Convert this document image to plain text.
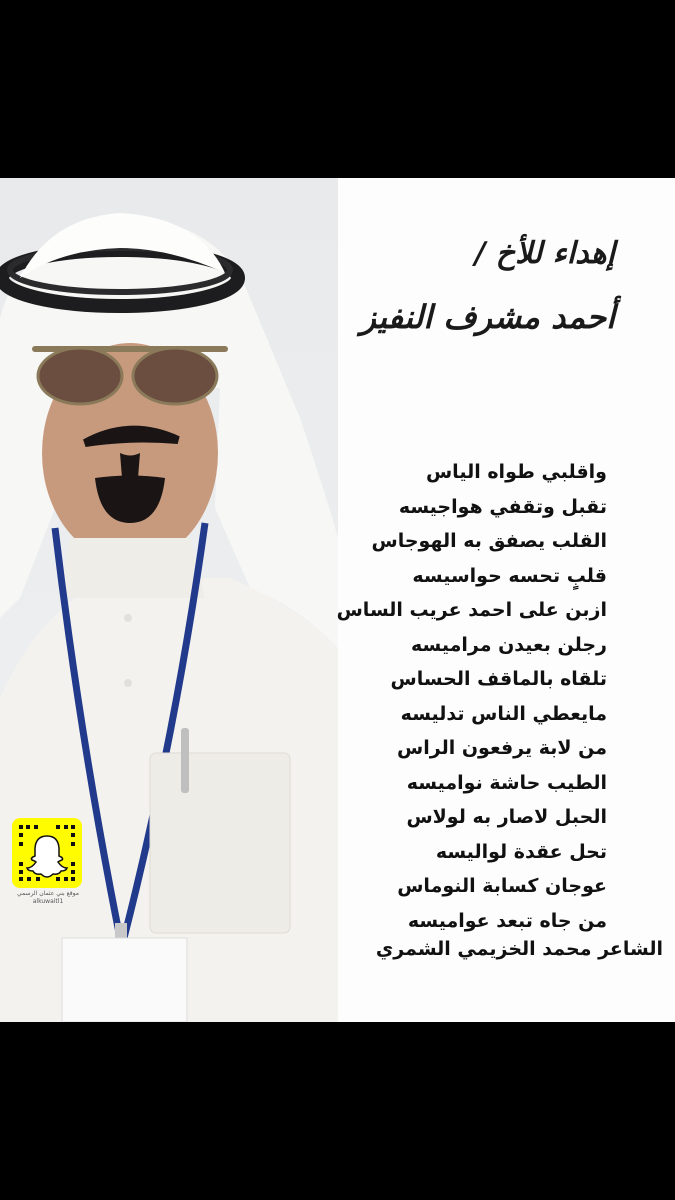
موقع بني عثمان الرسمي
alkuwaitl1
إهداء للأخ /
أحمد مشرف النفيز
واقلبي طواه الياس
تقبل وتقفي هواجيسه
القلب يصفق به الهوجاس
قلبٍ تحسه حواسيسه
ازبن على احمد عريب الساس
رجلن بعيدن مراميسه
تلقاه بالماقف الحساس
مايعطي الناس تدليسه
من لابة يرفعون الراس
الطيب حاشة نواميسه
الحبل لاصار به لولاس
تحل عقدة لواليسه
عوجان كسابة النوماس
من جاه تبعد عواميسه
الشاعر محمد الخزيمي الشمري
